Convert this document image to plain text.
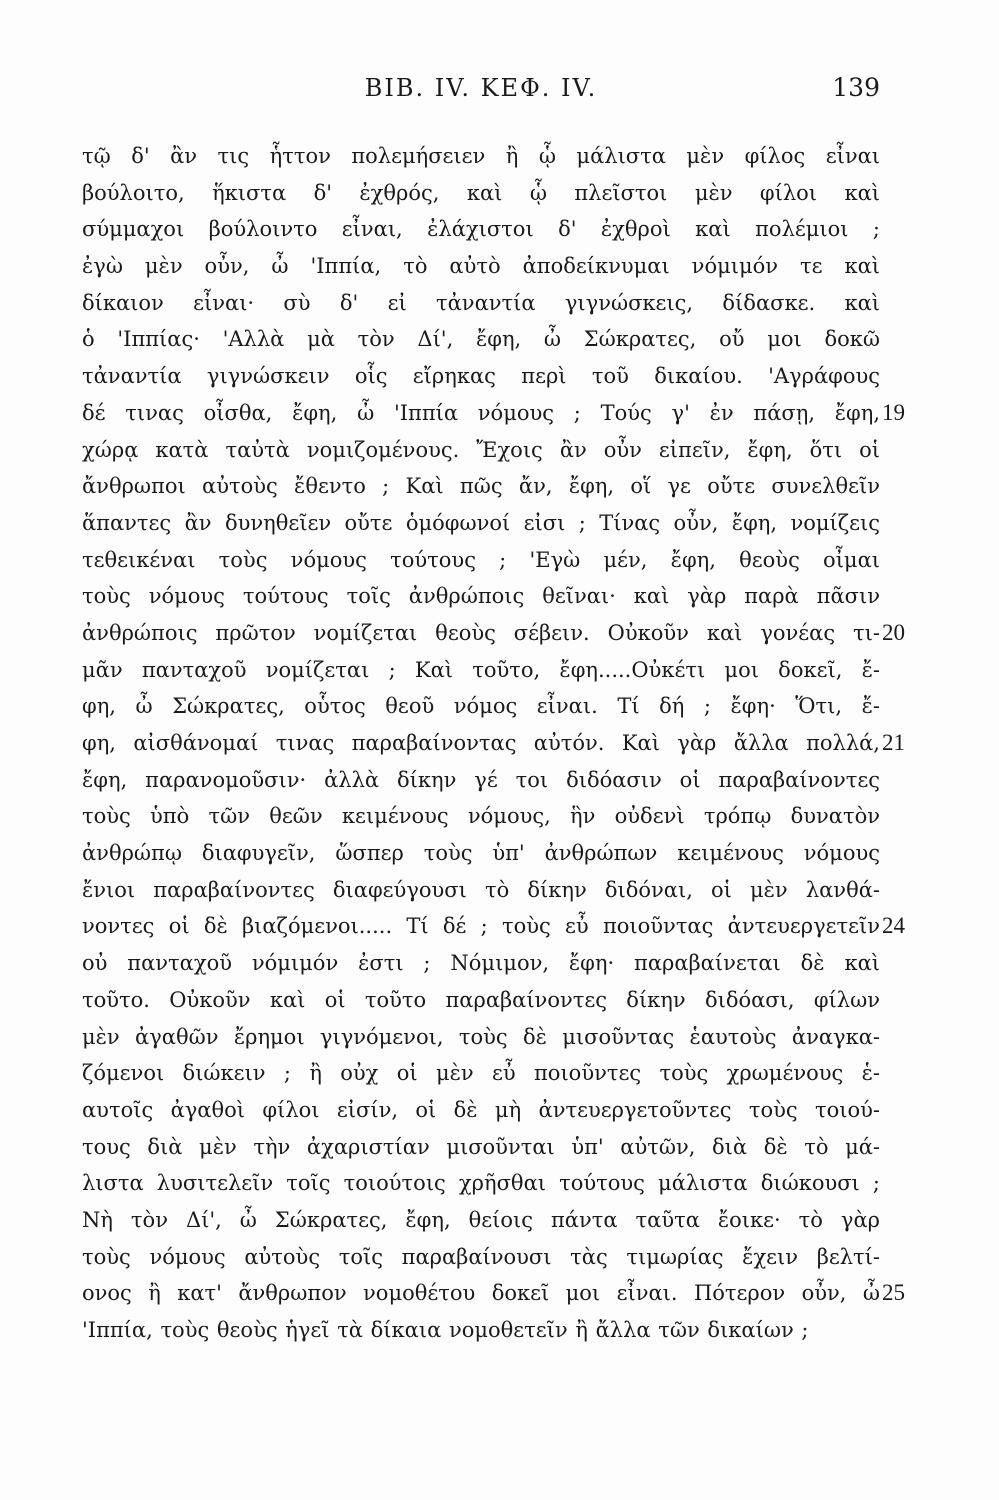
ΒΙΒ. IV. ΚΕΦ. IV.	139
τῷ δ' ἂν τις ἧττον πολεμήσειεν ἢ ᾧ μάλιστα μὲν φίλος εἶναι
βούλοιτο, ἥκιστα δ' ἐχθρός, καὶ ᾧ πλεῖστοι μὲν φίλοι καὶ
σύμμαχοι βούλοιντο εἶναι, ἐλάχιστοι δ' ἐχθροὶ καὶ πολέμιοι ;
ἐγὼ μὲν οὖν, ὦ 'Ιππία, τὸ αὐτὸ ἀποδείκνυμαι νόμιμόν τε καὶ
δίκαιον εἶναι· σὺ δ' εἰ τἀναντία γιγνώσκεις, δίδασκε. καὶ
ὁ 'Ιππίας· 'Αλλὰ μὰ τὸν Δί', ἔφη, ὦ Σώκρατες, οὔ μοι δοκῶ
τἀναντία γιγνώσκειν οἷς εἴρηκας περὶ τοῦ δικαίου. 'Αγράφους
δέ τινας οἶσθα, ἔφη, ὦ 'Ιππία νόμους ; Τούς γ' ἐν πάσῃ, ἔφη, 19
χώρᾳ κατὰ ταὐτὰ νομιζομένους. Ἔχοις ἂν οὖν εἰπεῖν, ἔφη, ὅτι οἱ
ἄνθρωποι αὐτοὺς ἔθεντο ; Καὶ πῶς ἄν, ἔφη, οἵ γε οὔτε συνελθεῖν
ἅπαντες ἂν δυνηθεῖεν οὔτε ὁμόφωνοί εἰσι ; Τίνας οὖν, ἔφη, νομίζεις
τεθεικέναι τοὺς νόμους τούτους ; 'Εγὼ μέν, ἔφη, θεοὺς οἶμαι
τοὺς νόμους τούτους τοῖς ἀνθρώποις θεῖναι· καὶ γὰρ παρὰ πᾶσιν
ἀνθρώποις πρῶτον νομίζεται θεοὺς σέβειν. Οὐκοῦν καὶ γονέας τι- 20
μᾶν πανταχοῦ νομίζεται ; Καὶ τοῦτο, ἔφη.....Οὐκέτι μοι δοκεῖ, ἔ-
φη, ὦ Σώκρατες, οὗτος θεοῦ νόμος εἶναι. Τί δή ; ἔφη· Ὅτι, ἔ-
φη, αἰσθάνομαί τινας παραβαίνοντας αὐτόν. Καὶ γὰρ ἄλλα πολλά, 21
ἔφη, παρανομοῦσιν· ἀλλὰ δίκην γέ τοι διδόασιν οἱ παραβαίνοντες
τοὺς ὑπὸ τῶν θεῶν κειμένους νόμους, ἣν οὐδενὶ τρόπῳ δυνατὸν
ἀνθρώπῳ διαφυγεῖν, ὥσπερ τοὺς ὑπ' ἀνθρώπων κειμένους νόμους
ἔνιοι παραβαίνοντες διαφεύγουσι τὸ δίκην διδόναι, οἱ μὲν λανθά-
νοντες οἱ δὲ βιαζόμενοι..... Τί δέ ; τοὺς εὖ ποιοῦντας ἀντευεργετεῖν 24
οὐ πανταχοῦ νόμιμόν ἐστι ; Νόμιμον, ἔφη· παραβαίνεται δὲ καὶ
τοῦτο. Οὐκοῦν καὶ οἱ τοῦτο παραβαίνοντες δίκην διδόασι, φίλων
μὲν ἀγαθῶν ἔρημοι γιγνόμενοι, τοὺς δὲ μισοῦντας ἑαυτοὺς ἀναγκα-
ζόμενοι διώκειν ; ἢ οὐχ οἱ μὲν εὖ ποιοῦντες τοὺς χρωμένους ἑ-
αυτοῖς ἀγαθοὶ φίλοι εἰσίν, οἱ δὲ μὴ ἀντευεργετοῦντες τοὺς τοιού-
τους διὰ μὲν τὴν ἀχαριστίαν μισοῦνται ὑπ' αὐτῶν, διὰ δὲ τὸ μά-
λιστα λυσιτελεῖν τοῖς τοιούτοις χρῆσθαι τούτους μάλιστα διώκουσι ;
Νὴ τὸν Δί', ὦ Σώκρατες, ἔφη, θείοις πάντα ταῦτα ἔοικε· τὸ γὰρ
τοὺς νόμους αὐτοὺς τοῖς παραβαίνουσι τὰς τιμωρίας ἔχειν βελτί-
ονος ἢ κατ' ἄνθρωπον νομοθέτου δοκεῖ μοι εἶναι. Πότερον οὖν, ὦ 25
'Ιππία, τοὺς θεοὺς ἡγεῖ τὰ δίκαια νομοθετεῖν ἢ ἄλλα τῶν δικαίων ;
